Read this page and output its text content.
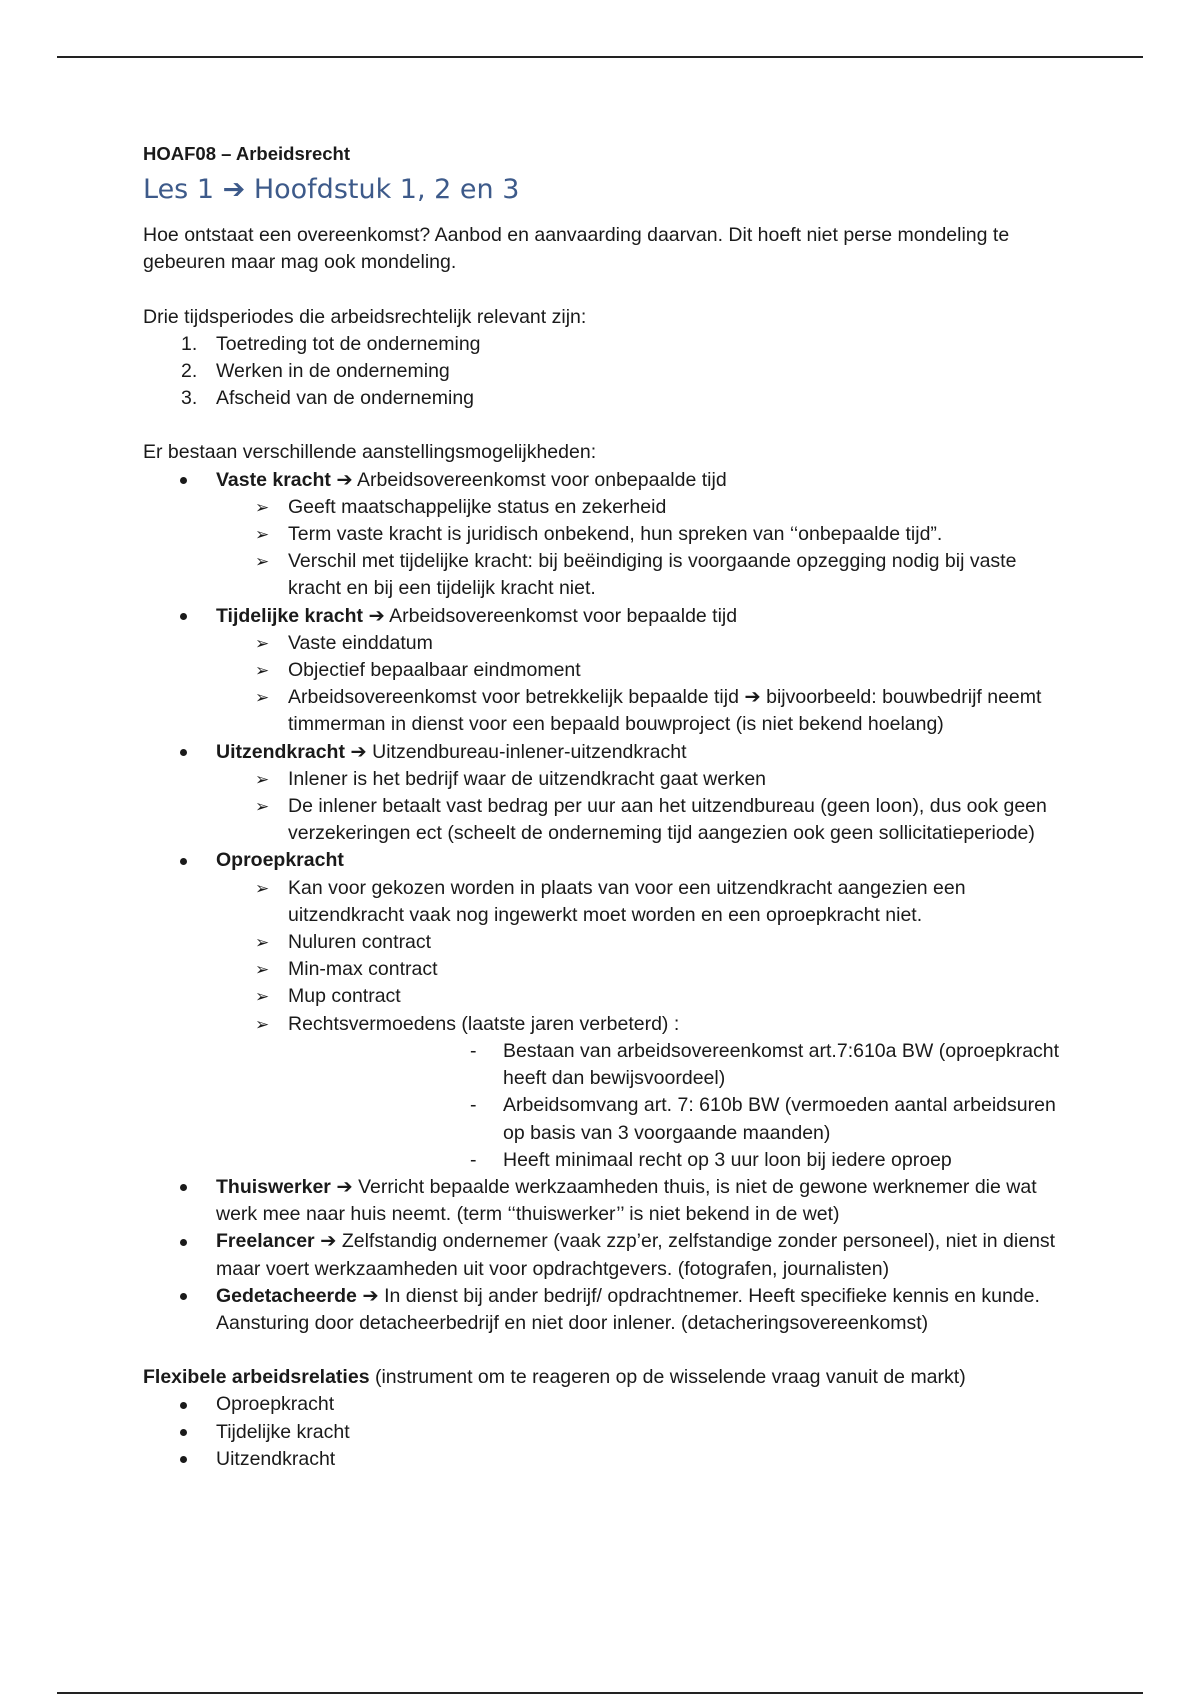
HOAF08 – Arbeidsrecht

Les 1 ➔ Hoofdstuk 1, 2 en 3

Hoe ontstaat een overeenkomst? Aanbod en aanvaarding daarvan. Dit hoeft niet perse mondeling te gebeuren maar mag ook mondeling.

Drie tijdsperiodes die arbeidsrechtelijk relevant zijn:

1. Toetreding tot de onderneming
2. Werken in de onderneming
3. Afscheid van de onderneming

Er bestaan verschillende aanstellingsmogelijkheden:

Vaste kracht ➔ Arbeidsovereenkomst voor onbepaalde tijd
➢ Geeft maatschappelijke status en zekerheid
➢ Term vaste kracht is juridisch onbekend, hun spreken van ‘‘onbepaalde tijd”.
➢ Verschil met tijdelijke kracht: bij beëindiging is voorgaande opzegging nodig bij vaste kracht en bij een tijdelijk kracht niet.
Tijdelijke kracht ➔ Arbeidsovereenkomst voor bepaalde tijd
➢ Vaste einddatum
➢ Objectief bepaalbaar eindmoment
➢ Arbeidsovereenkomst voor betrekkelijk bepaalde tijd ➔ bijvoorbeeld: bouwbedrijf neemt timmerman in dienst voor een bepaald bouwproject (is niet bekend hoelang)
Uitzendkracht ➔ Uitzendbureau-inlener-uitzendkracht
➢ Inlener is het bedrijf waar de uitzendkracht gaat werken
➢ De inlener betaalt vast bedrag per uur aan het uitzendbureau (geen loon), dus ook geen verzekeringen ect (scheelt de onderneming tijd aangezien ook geen sollicitatieperiode)
Oproepkracht
➢ Kan voor gekozen worden in plaats van voor een uitzendkracht aangezien een uitzendkracht vaak nog ingewerkt moet worden en een oproepkracht niet.
➢ Nuluren contract
➢ Min-max contract
➢ Mup contract
➢ Rechtsvermoedens (laatste jaren verbeterd) :
- Bestaan van arbeidsovereenkomst art.7:610a BW (oproepkracht heeft dan bewijsvoordeel)
- Arbeidsomvang art. 7: 610b BW (vermoeden aantal arbeidsuren op basis van 3 voorgaande maanden)
- Heeft minimaal recht op 3 uur loon bij iedere oproep
Thuiswerker ➔ Verricht bepaalde werkzaamheden thuis, is niet de gewone werknemer die wat werk mee naar huis neemt. (term ‘‘thuiswerker’’ is niet bekend in de wet)
Freelancer ➔ Zelfstandig ondernemer (vaak zzp’er, zelfstandige zonder personeel), niet in dienst maar voert werkzaamheden uit voor opdrachtgevers. (fotografen, journalisten)
Gedetacheerde ➔ In dienst bij ander bedrijf/ opdrachtnemer. Heeft specifieke kennis en kunde. Aansturing door detacheerbedrijf en niet door inlener. (detacheringsovereenkomst)

Flexibele arbeidsrelaties (instrument om te reageren op de wisselende vraag vanuit de markt)

Oproepkracht
Tijdelijke kracht
Uitzendkracht
